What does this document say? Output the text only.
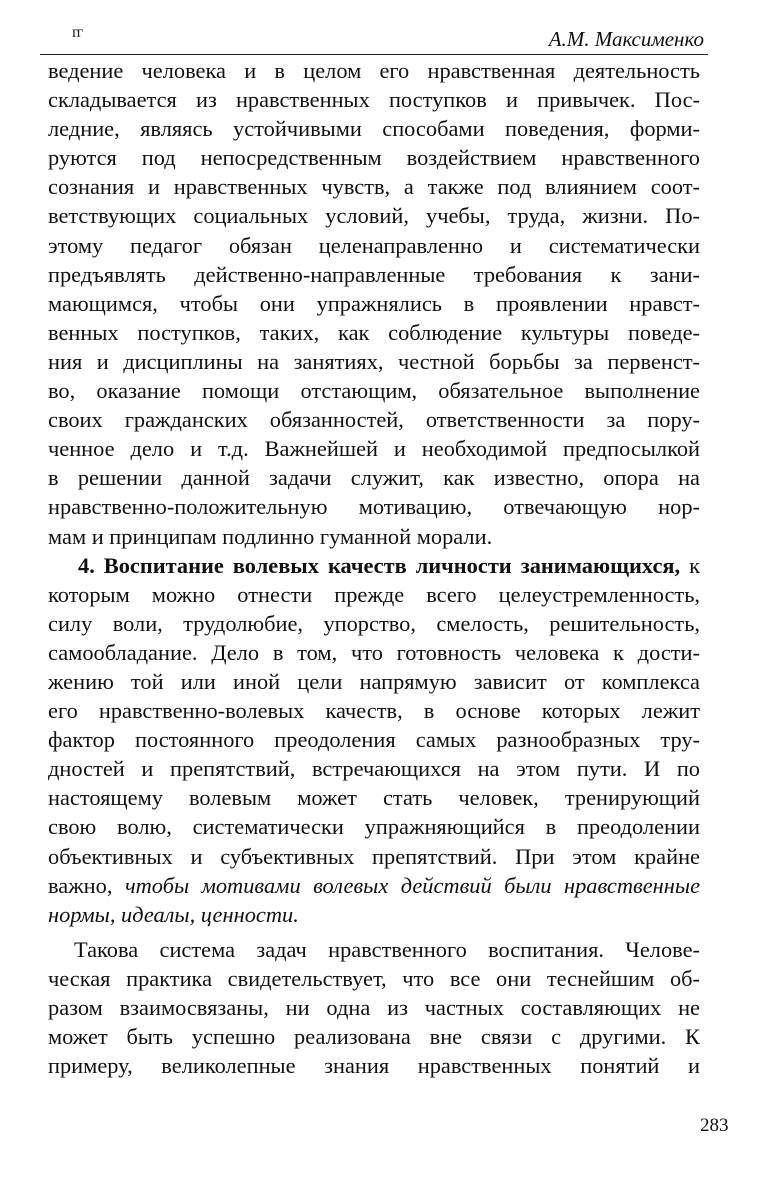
ᴦᴦ	А.М. Максименко

ведение человека и в целом его нравственная деятельность
складывается из нравственных поступков и привычек. Пос-
ледние, являясь устойчивыми способами поведения, форми-
руются под непосредственным воздействием нравственного
сознания и нравственных чувств, а также под влиянием соот-
ветствующих социальных условий, учебы, труда, жизни. По-
этому педагог обязан целенаправленно и систематически
предъявлять действенно-направленные требования к зани-
мающимся, чтобы они упражнялись в проявлении нравст-
венных поступков, таких, как соблюдение культуры поведе-
ния и дисциплины на занятиях, честной борьбы за первенст-
во, оказание помощи отстающим, обязательное выполнение
своих гражданских обязанностей, ответственности за пору-
ченное дело и т.д. Важнейшей и необходимой предпосылкой
в решении данной задачи служит, как известно, опора на
нравственно-положительную мотивацию, отвечающую нор-
мам и принципам подлинно гуманной морали.

4. Воспитание волевых качеств личности занимающихся, к
которым можно отнести прежде всего целеустремленность,
силу воли, трудолюбие, упорство, смелость, решительность,
самообладание. Дело в том, что готовность человека к дости-
жению той или иной цели напрямую зависит от комплекса
его нравственно-волевых качеств, в основе которых лежит
фактор постоянного преодоления самых разнообразных тру-
дностей и препятствий, встречающихся на этом пути. И по
настоящему волевым может стать человек, тренирующий
свою волю, систематически упражняющийся в преодолении
объективных и субъективных препятствий. При этом крайне
важно, чтобы мотивами волевых действий были нравственные
нормы, идеалы, ценности.

Такова система задач нравственного воспитания. Челове-
ческая практика свидетельствует, что все они теснейшим об-
разом взаимосвязаны, ни одна из частных составляющих не
может быть успешно реализована вне связи с другими. К
примеру, великолепные знания нравственных понятий и

283
